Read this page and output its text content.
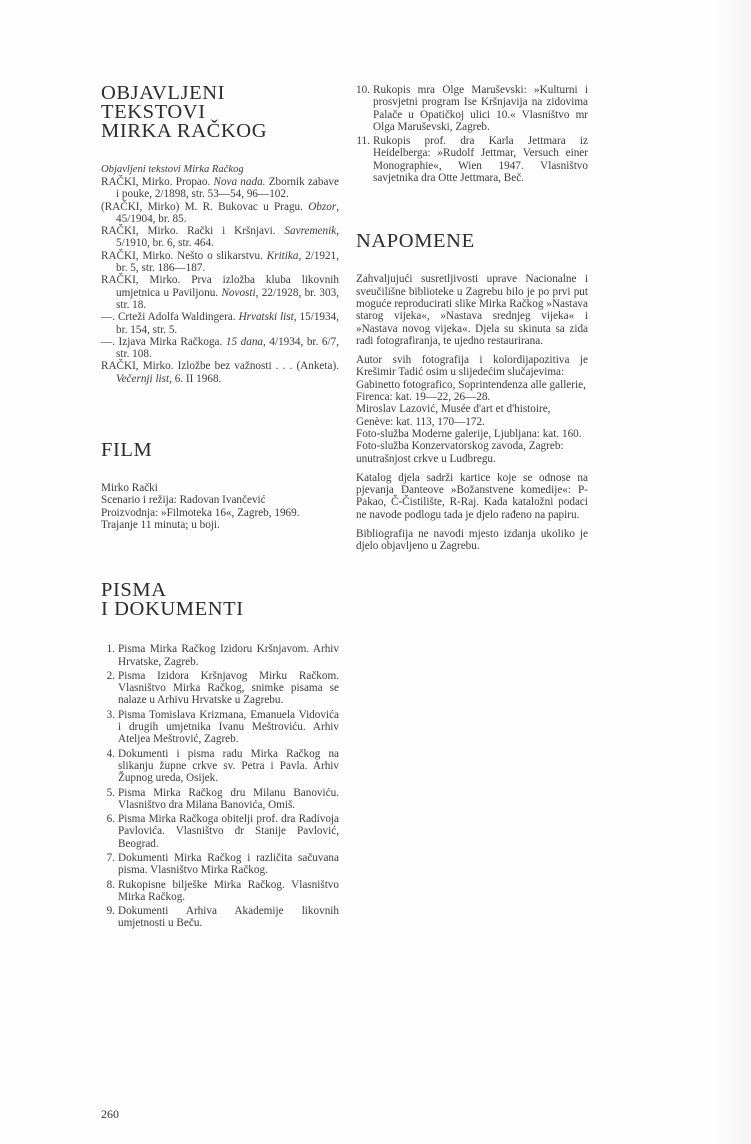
OBJAVLJENI
TEKSTOVI
MIRKA RAČKOG

Objavljeni tekstovi Mirka Račkog

RAČKI, Mirko. Propao. Nova nada. Zbornik zabave i pouke, 2/1898, str. 53—54, 96—102.

(RAČKI, Mirko) M. R. Bukovac u Pragu. Obzor, 45/1904, br. 85.

RAČKI, Mirko. Rački i Kršnjavi. Savremenik, 5/1910, br. 6, str. 464.

RAČKI, Mirko. Nešto o slikarstvu. Kritika, 2/1921, br. 5, str. 186—187.

RAČKI, Mirko. Prva izložba kluba likovnih umjetnica u Paviljonu. Novosti, 22/1928, br. 303, str. 18.

—. Crteži Adolfa Waldingera. Hrvatski list, 15/1934, br. 154, str. 5.

—. Izjava Mirka Račkoga. 15 dana, 4/1934, br. 6/7, str. 108.

RAČKI, Mirko. Izložbe bez važnosti . . . (Anketa). Večernji list, 6. II 1968.

FILM

Mirko Rački

Scenario i režija: Radovan Ivančević

Proizvodnja: »Filmoteka 16«, Zagreb, 1969.

Trajanje 11 minuta; u boji.

PISMA
I DOKUMENTI
1. Pisma Mirka Račkog Izidoru Kršnjavom. Arhiv Hrvatske, Zagreb.
2. Pisma Izidora Kršnjavog Mirku Račkom. Vlasništvo Mirka Račkog, snimke pisama se nalaze u Arhivu Hrvatske u Zagrebu.
3. Pisma Tomislava Krizmana, Emanuela Vidovića i drugih umjetnika Ivanu Meštroviću. Arhiv Ateljea Meštrović, Zagreb.
4. Dokumenti i pisma radu Mirka Račkog na slikanju župne crkve sv. Petra i Pavla. Arhiv Župnog ureda, Osijek.
5. Pisma Mirka Račkog dru Milanu Banoviću. Vlasništvo dra Milana Banovića, Omiš.
6. Pisma Mirka Račkoga obitelji prof. dra Radivoja Pavlovića. Vlasništvo dr Stanije Pavlović, Beograd.
7. Dokumenti Mirka Račkog i različita sačuvana pisma. Vlasništvo Mirka Račkog.
8. Rukopisne bilješke Mirka Račkog. Vlasništvo Mirka Račkog.
9. Dokumenti Arhiva Akademije likovnih umjetnosti u Beču.
10. Rukopis mra Olge Maruševski: »Kulturni i prosvjetni program Ise Kršnjavija na zidovima Palače u Opatičkoj ulici 10.« Vlasništvo mr Olga Maruševski, Zagreb.
11. Rukopis prof. dra Karla Jettmara iz Heidelberga: »Rudolf Jettmar, Versuch einer Monographie«, Wien 1947. Vlasništvo savjetnika dra Otte Jettmara, Beč.
NAPOMENE

Zahvaljujući susretljivosti uprave Nacionalne i sveučilišne biblioteke u Zagrebu bilo je po prvi put moguće reproducirati slike Mirka Račkog »Nastava starog vijeka«, »Nastava srednjeg vijeka« i »Nastava novog vijeka«. Djela su skinuta sa zida radi fotografiranja, te ujedno restaurirana.

Autor svih fotografija i kolordijapozitiva je Krešimir Tadić osim u slijedećim slučajevima:

Gabinetto fotografico, Soprintendenza alle gallerie, Firenca: kat. 19—22, 26—28.

Miroslav Lazović, Musée d'art et d'histoire, Genève: kat. 113, 170—172.

Foto-služba Moderne galerije, Ljubljana: kat. 160.

Foto-služba Konzervatorskog zavoda, Zagreb: unutrašnjost crkve u Ludbregu.

Katalog djela sadrži kartice koje se odnose na pjevanja Danteove »Božanstvene komedije«: P-Pakao, Č-Čistilište, R-Raj. Kada kataložni podaci ne navode podlogu tada je djelo rađeno na papiru.

Bibliografija ne navodi mjesto izdanja ukoliko je djelo objavljeno u Zagrebu.

260
